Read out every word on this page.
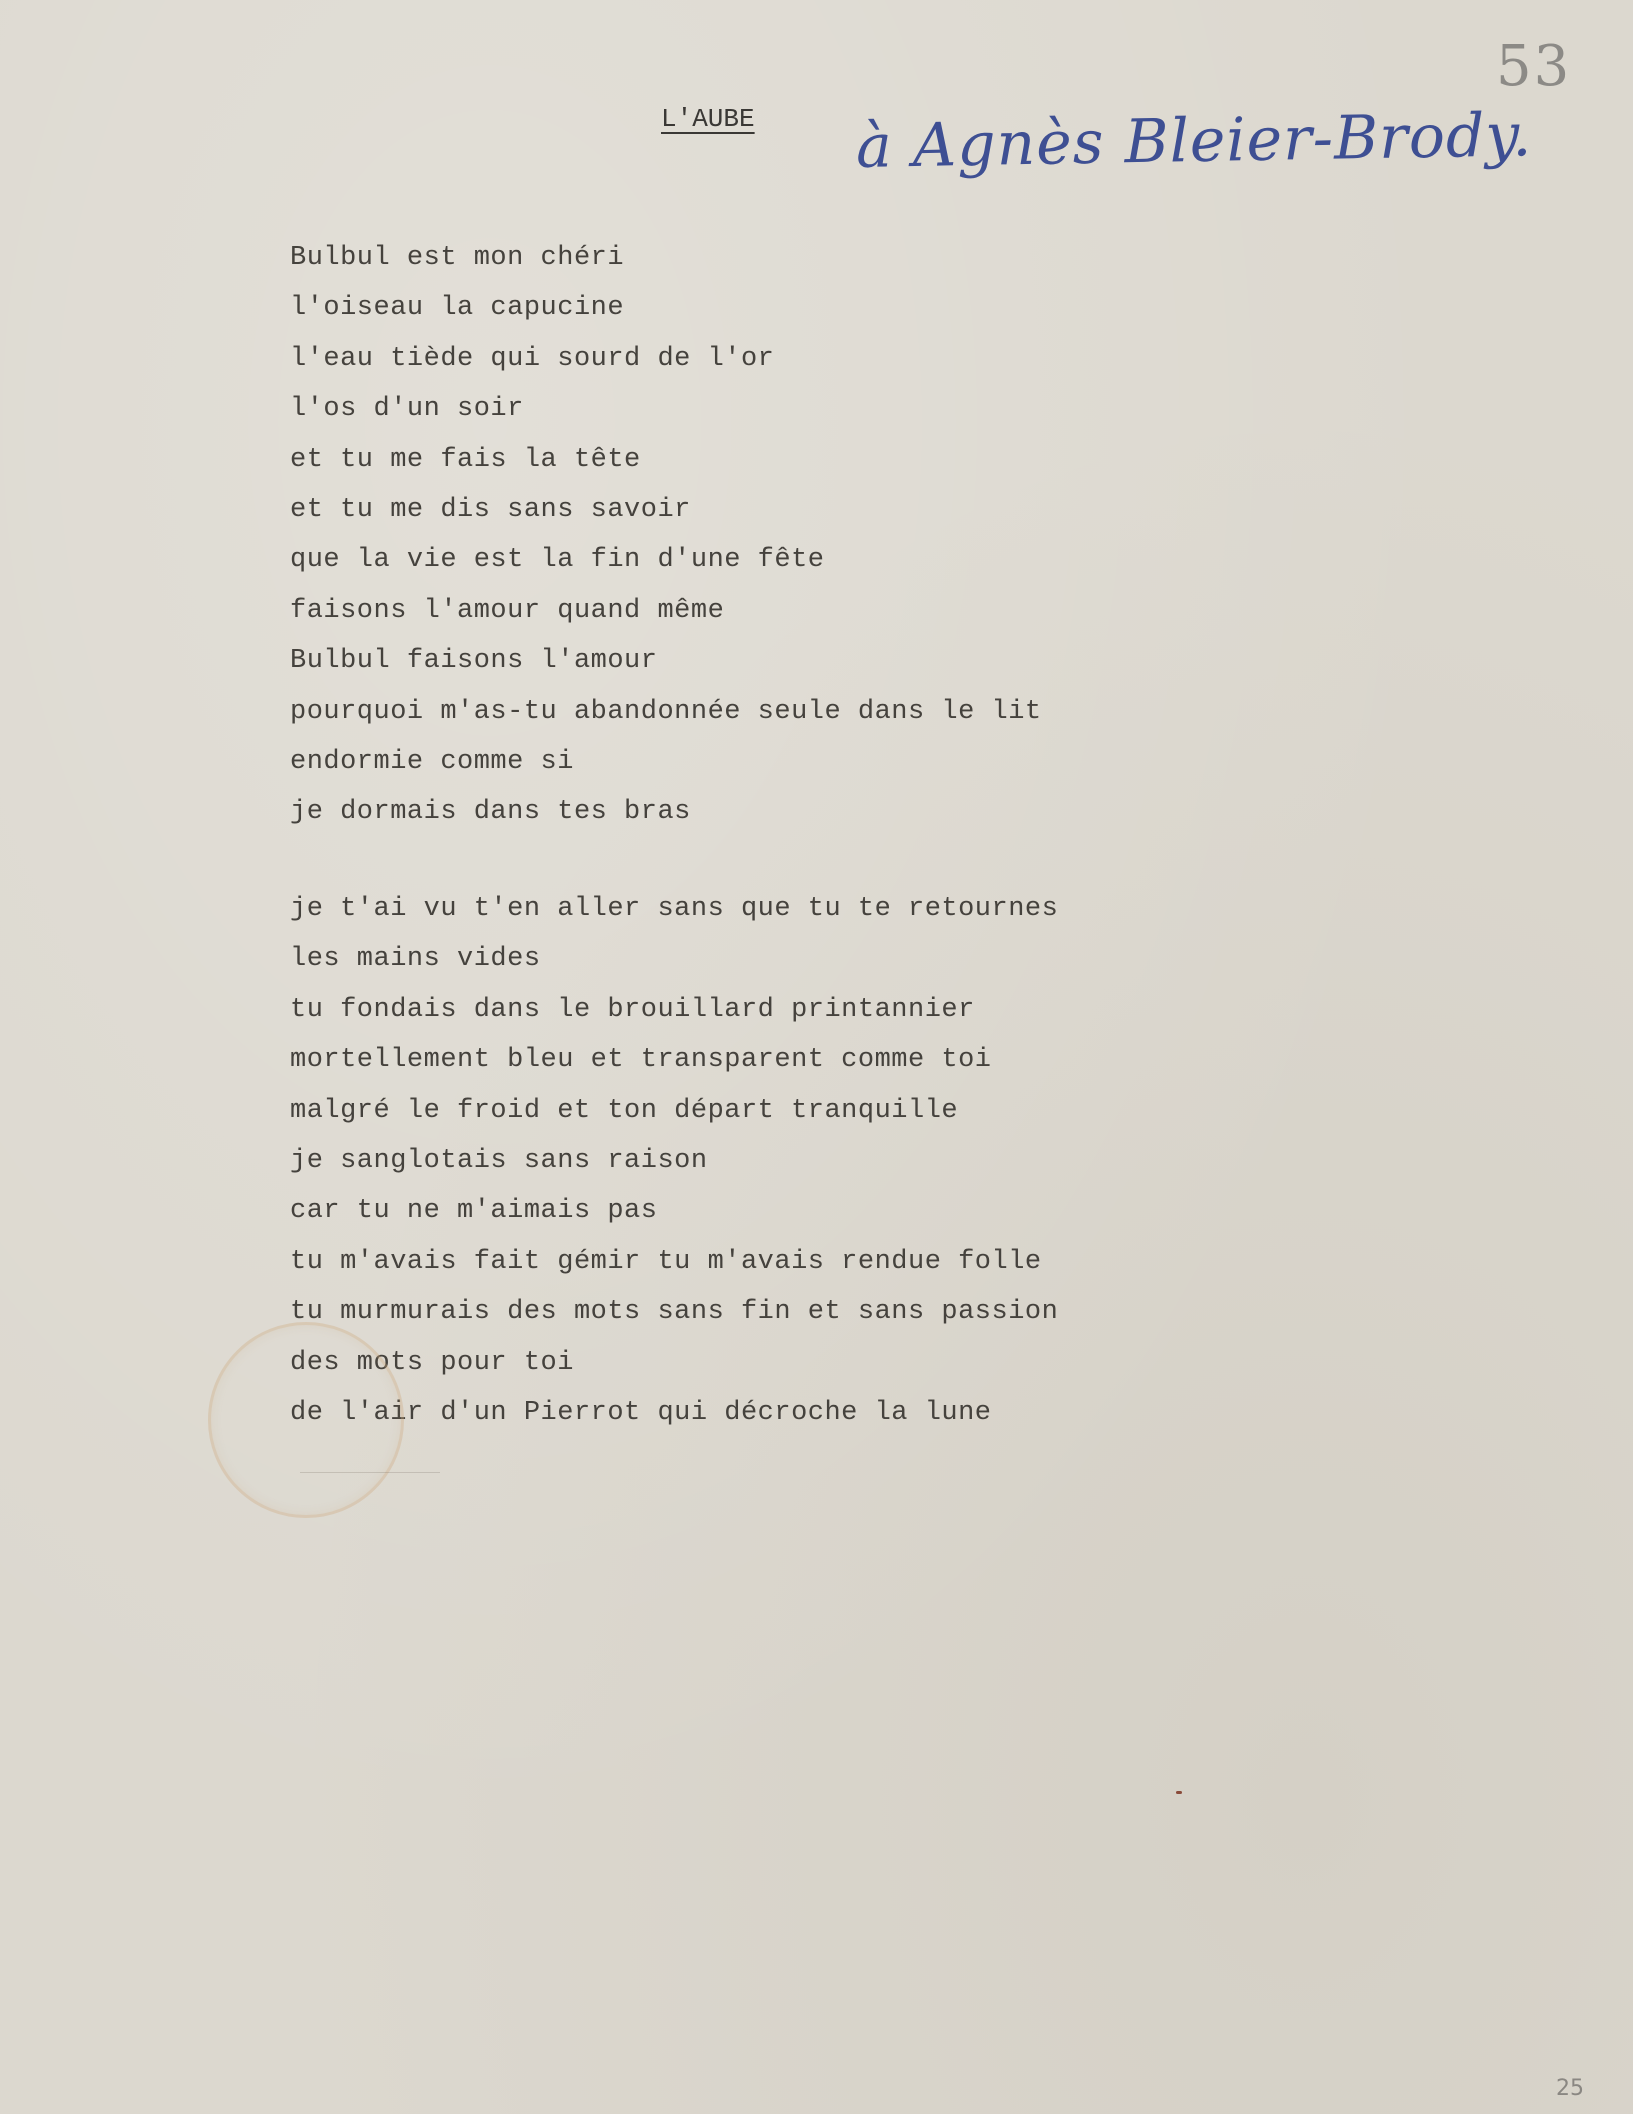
53

L'AUBE à Agnès Bleier-Brody.

Bulbul est mon chéri
l'oiseau la capucine
l'eau tiède qui sourd de l'or
l'os d'un soir
et tu me fais la tête
et tu me dis sans savoir
que la vie est la fin d'une fête
faisons l'amour quand même
Bulbul faisons l'amour
pourquoi m'as-tu abandonnée seule dans le lit
endormie comme si
je dormais dans tes bras
je t'ai vu t'en aller sans que tu te retournes
les mains vides
tu fondais dans le brouillard printannier
mortellement bleu et transparent comme toi
malgré le froid et ton départ tranquille
je sanglotais sans raison
car tu ne m'aimais pas
tu m'avais fait gémir tu m'avais rendue folle
tu murmurais des mots sans fin et sans passion
des mots pour toi
de l'air d'un Pierrot qui décroche la lune

25
